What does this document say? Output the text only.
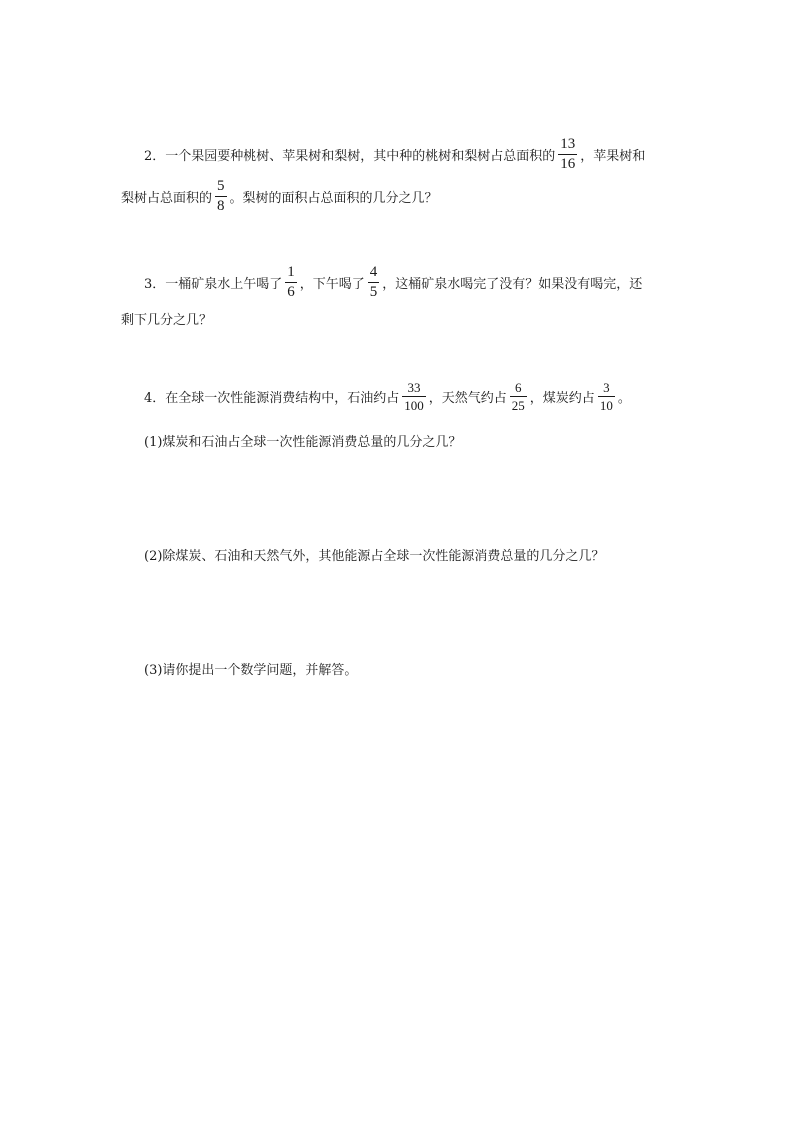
2．一个果园要种桃树、苹果树和梨树，其中种的桃树和梨树占总面积的 $\frac{13}{16}$ ，苹果树和
梨树占总面积的 $\frac{5}{8}$ 。梨树的面积占总面积的几分之几？
3．一桶矿泉水上午喝了 $\frac{1}{6}$ ，下午喝了 $\frac{4}{5}$ ，这桶矿泉水喝完了没有？如果没有喝完，还
剩下几分之几？
4．在全球一次性能源消费结构中，石油约占 $\frac{33}{100}$ ，天然气约占 $\frac{6}{25}$ ，煤炭约占 $\frac{3}{10}$ 。
(1)煤炭和石油占全球一次性能源消费总量的几分之几？
(2)除煤炭、石油和天然气外，其他能源占全球一次性能源消费总量的几分之几？
(3)请你提出一个数学问题，并解答。
